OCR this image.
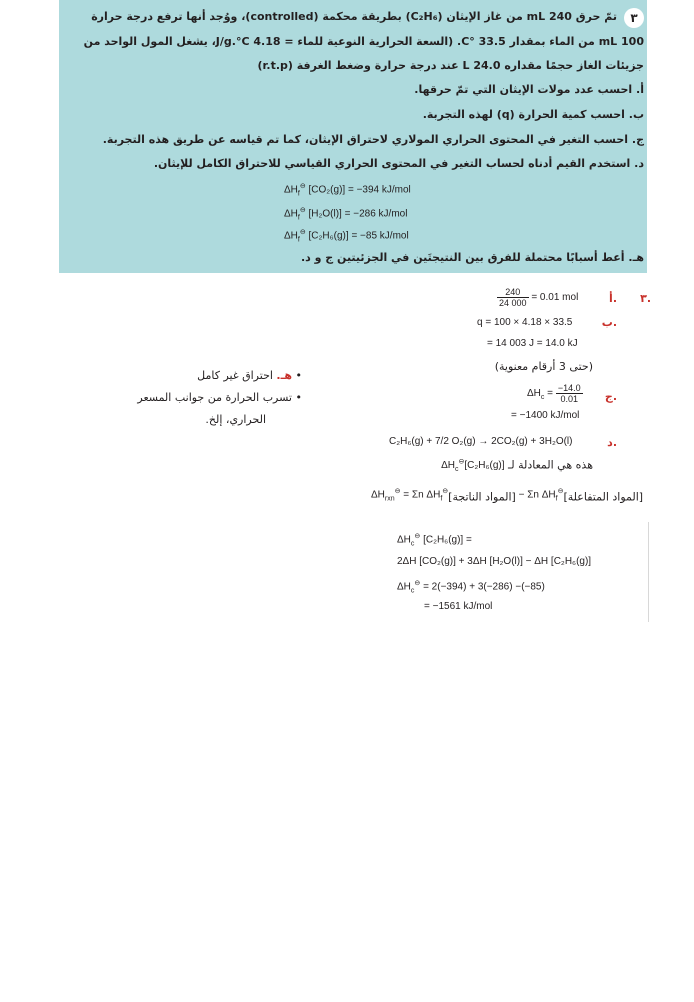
٣
تمّ حرق 240 mL من غاز الإيثان (C₂H₆) بطريقة محكمة (controlled)، ووُجد أنها ترفع درجة حرارة
100 mL من الماء بمقدار 33.5 °C. (السعة الحرارية النوعية للماء = 4.18 J/g.°C، يشغل المول الواحد من
جزيئات الغاز حجمًا مقداره 24.0 L عند درجة حرارة وضغط الغرفة (r.t.p)
أ. احسب عدد مولات الإيثان التي تمّ حرقها.
ب. احسب كمية الحرارة (q) لهذه التجربة.
ج. احسب التغير في المحتوى الحراري المولاري لاحتراق الإيثان، كما تم قياسه عن طريق هذه التجربة.
د. استخدم القيم أدناه لحساب التغير في المحتوى الحراري القياسي للاحتراق الكامل للإيثان.
$\Delta H_f^⊖$ [CO₂(g)] = −394 kJ/mol
$\Delta H_f^⊖$ [H₂O(l)] = −286 kJ/mol
$\Delta H_f^⊖$ [C₂H₆(g)] = −85 kJ/mol
هـ. أعط أسبابًا محتملة للفرق بين النتيجتَين في الجزئيتين ج و د.
٣.
أ.
$\frac{240}{24 000} = 0.01$ mol
ب.
q = 100 × 4.18 × 33.5
= 14 003 J = 14.0 kJ
(حتى 3 أرقام معنوية)
ج.
$\Delta H_c = \frac{-14.0}{0.01}$
= −1400 kJ/mol
د.
C₂H₆(g) + 7/2 O₂(g) → 2CO₂(g) + 3H₂O(l)
هذه هي المعادلة لـ $\Delta H_c^⊖[C_2H_6(g)]$
$\Delta H_{rxn}^⊖ = \Sigma n$ $\Delta H_f^⊖_{[المواد الناتجة]} - \Sigma n$ $\Delta H_f^⊖_{[المواد المتفاعلة]}$
$\Delta H_c^⊖$ [C₂H₆(g)] =
2ΔH [CO₂(g)] + 3ΔH [H₂O(l)] − ΔH [C₂H₆(g)]
$\Delta H_c^⊖ = 2(-394) + 3(-286) -(-85)$
= −1561 kJ/mol
• هـ. احتراق غير كامل
• تسرب الحرارة من جوانب المسعر
الحراري، إلخ.
